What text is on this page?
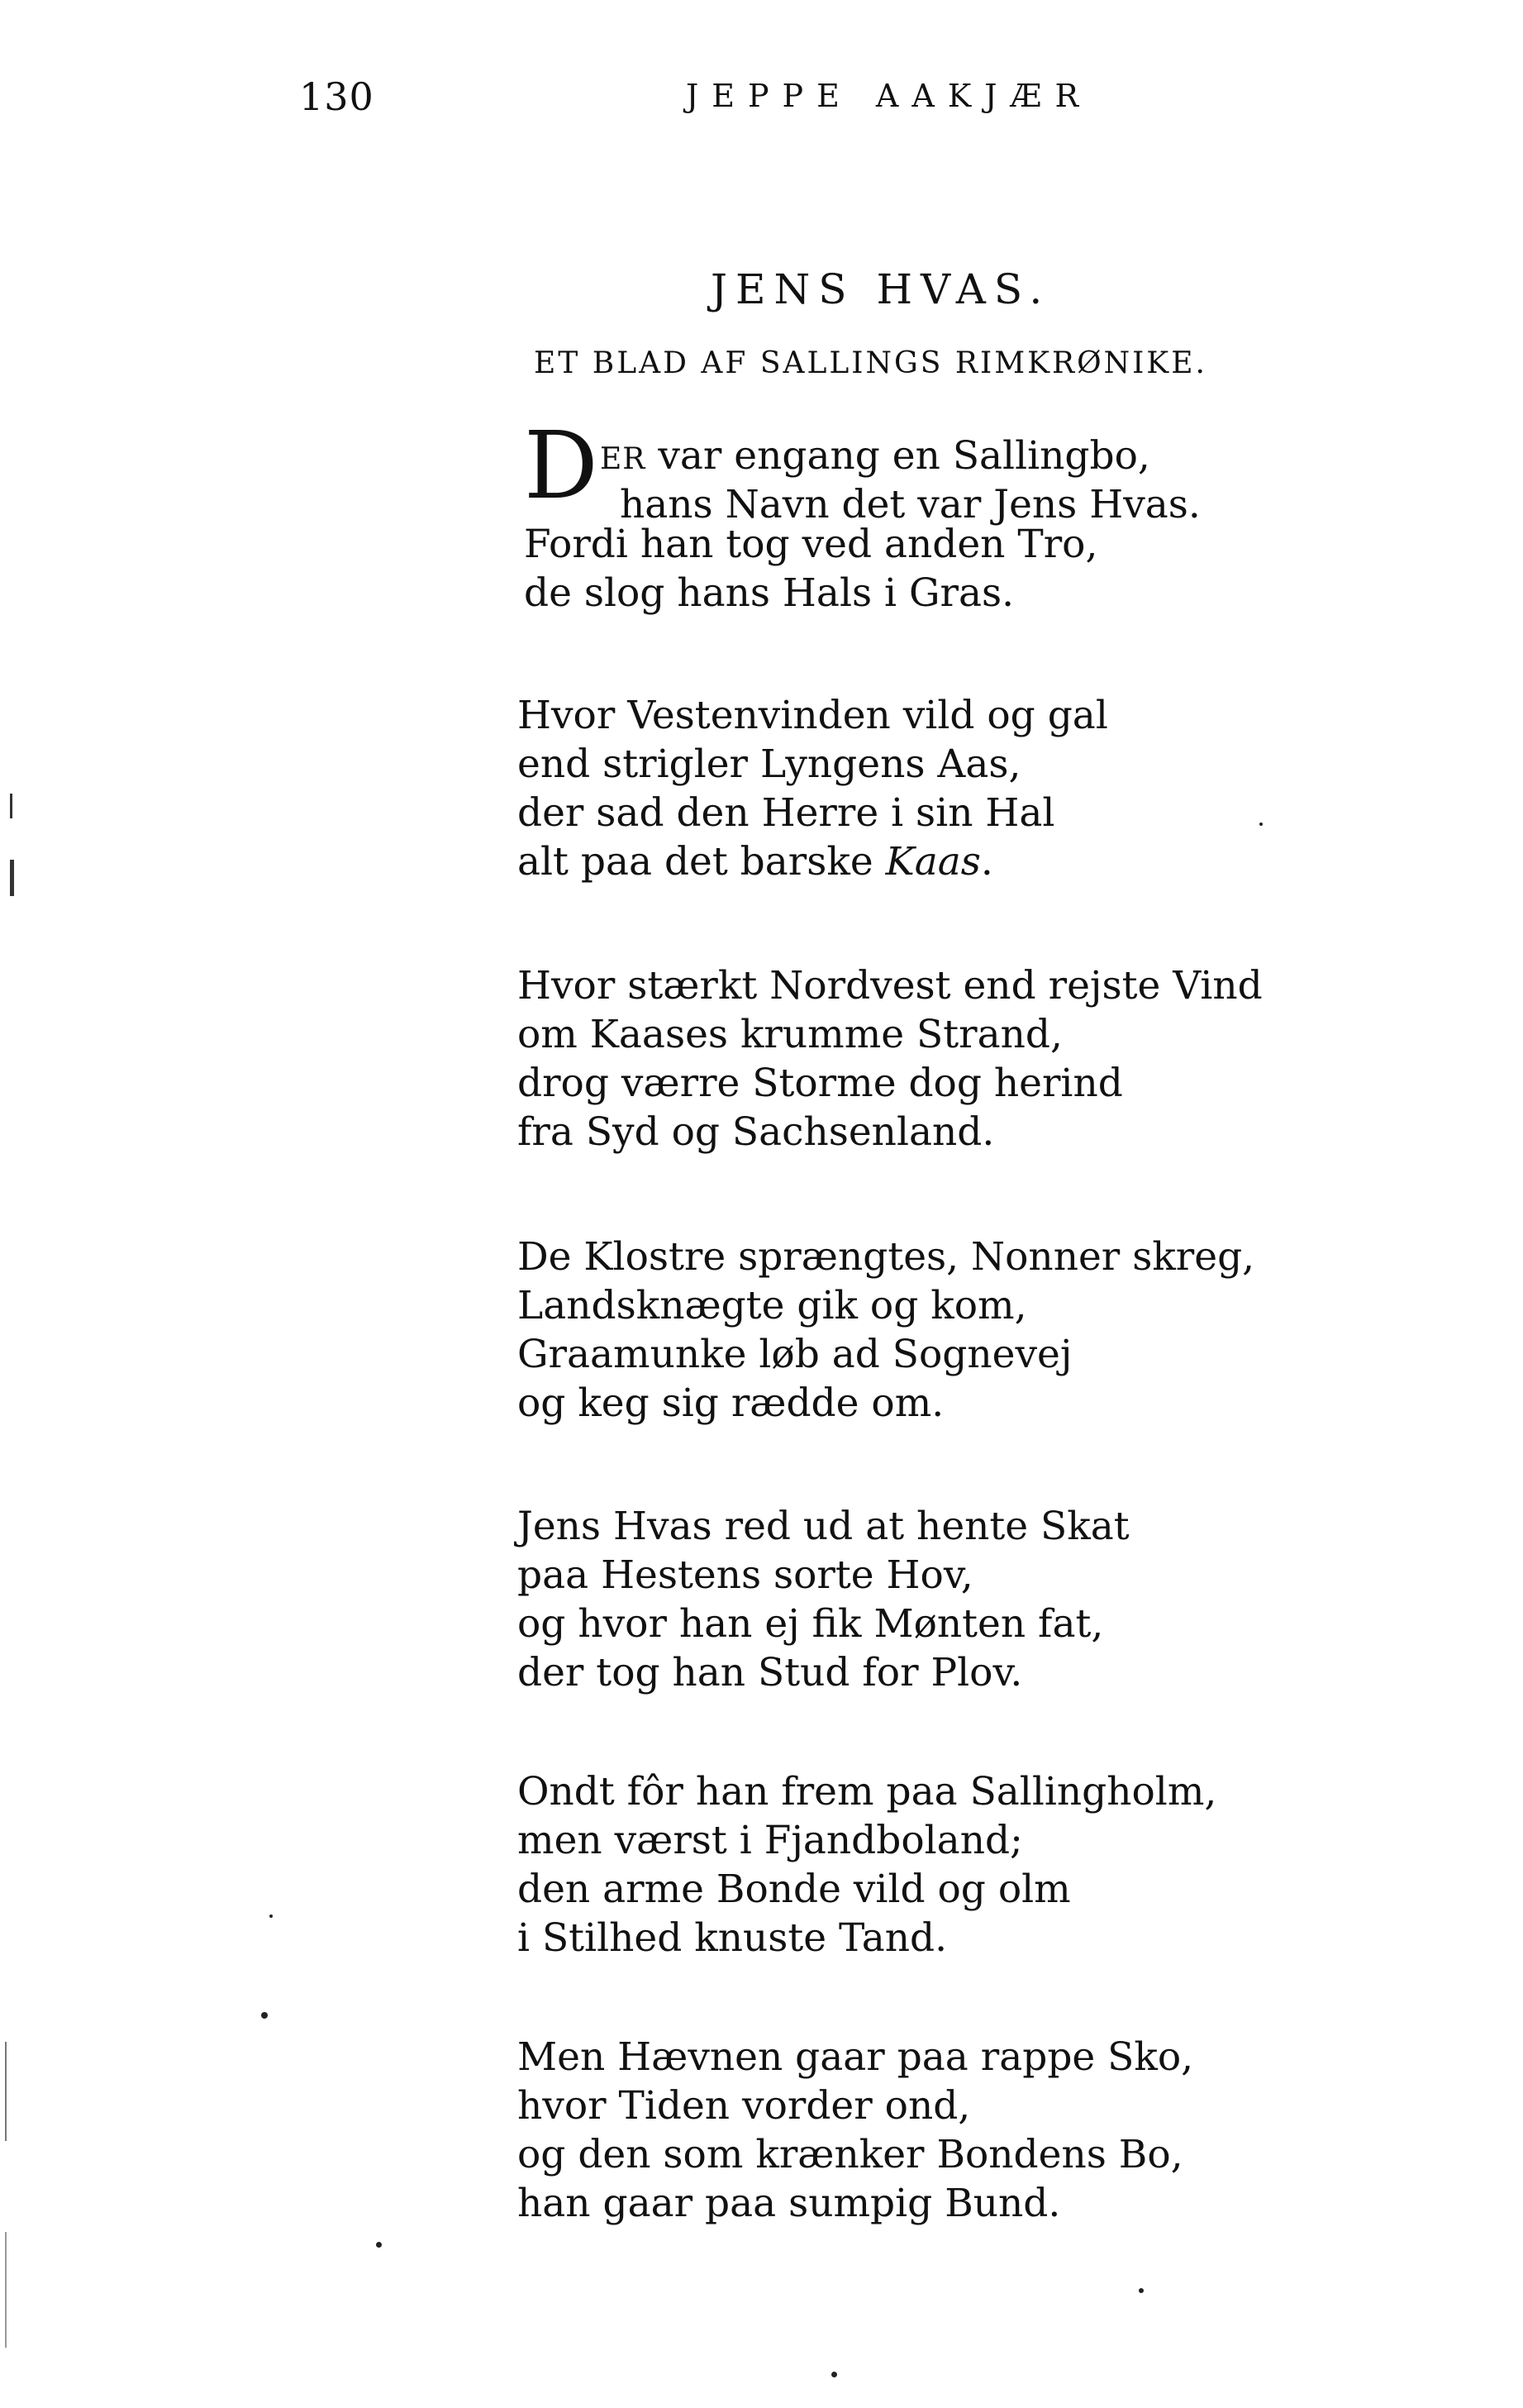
130	JEPPE AAKJÆR
JENS HVAS.
ET BLAD AF SALLINGS RIMKRØNIKE.
D ER var engang en Sallingbo,
hans Navn det var Jens Hvas.
Fordi han tog ved anden Tro,
de slog hans Hals i Gras.
Hvor Vestenvinden vild og gal
end strigler Lyngens Aas,
der sad den Herre i sin Hal
alt paa det barske Kaas.
Hvor stærkt Nordvest end rejste Vind
om Kaases krumme Strand,
drog værre Storme dog herind
fra Syd og Sachsenland.
De Klostre sprængtes, Nonner skreg,
Landsknægte gik og kom,
Graamunke løb ad Sognevej
og keg sig rædde om.
Jens Hvas red ud at hente Skat
paa Hestens sorte Hov,
og hvor han ej fik Mønten fat,
der tog han Stud for Plov.
Ondt fôr han frem paa Sallingholm,
men værst i Fjandboland;
den arme Bonde vild og olm
i Stilhed knuste Tand.
Men Hævnen gaar paa rappe Sko,
hvor Tiden vorder ond,
og den som krænker Bondens Bo,
han gaar paa sumpig Bund.
